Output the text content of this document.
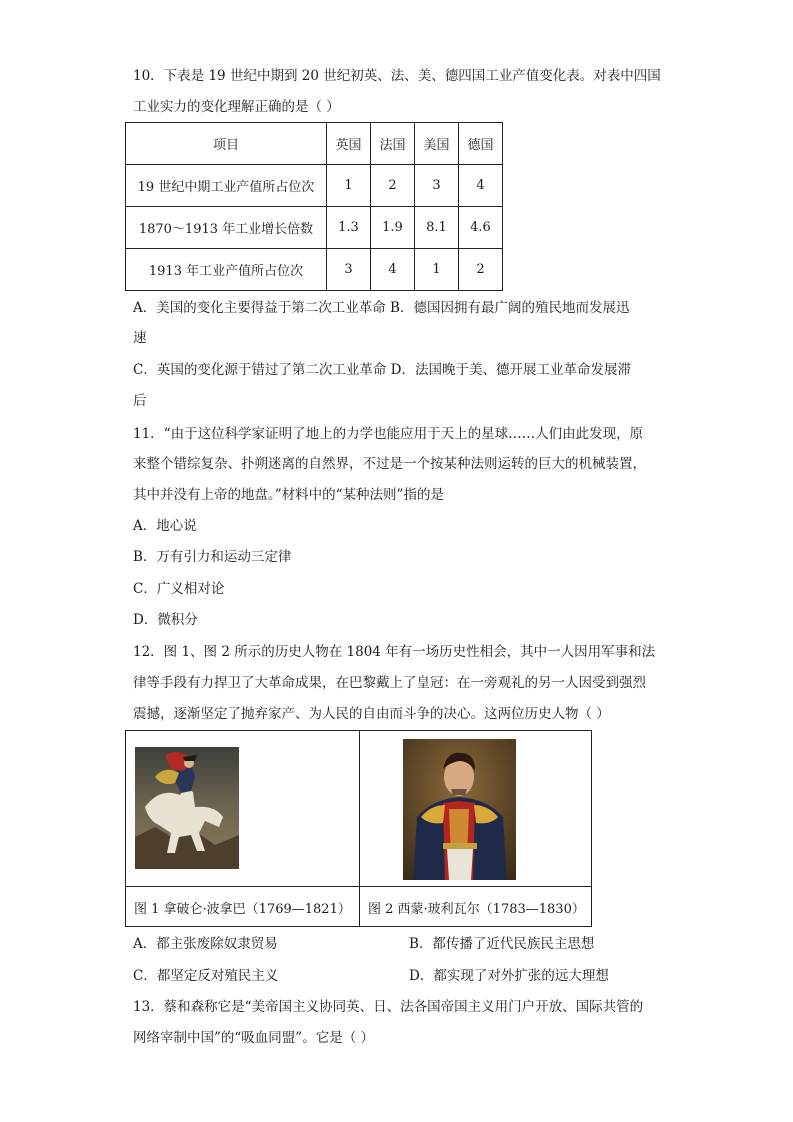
10．下表是 19 世纪中期到 20 世纪初英、法、美、德四国工业产值变化表。对表中四国
工业实力的变化理解正确的是（ ）
项目	英国	法国	美国	德国
19 世纪中期工业产值所占位次	1	2	3	4
1870～1913 年工业增长倍数	1.3	1.9	8.1	4.6
1913 年工业产值所占位次	3	4	1	2
A．美国的变化主要得益于第二次工业革命 B．德国因拥有最广阔的殖民地而发展迅
速
C．英国的变化源于错过了第二次工业革命 D．法国晚于美、德开展工业革命发展滞
后
11．“由于这位科学家证明了地上的力学也能应用于天上的星球……人们由此发现，原
来整个错综复杂、扑朔迷离的自然界，不过是一个按某种法则运转的巨大的机械装置，
其中并没有上帝的地盘。”材料中的“某种法则”指的是
A．地心说
B．万有引力和运动三定律
C．广义相对论
D．微积分
12．图 1、图 2 所示的历史人物在 1804 年有一场历史性相会，其中一人因用军事和法
律等手段有力捍卫了大革命成果，在巴黎戴上了皇冠：在一旁观礼的另一人因受到强烈
震撼，逐渐坚定了抛弃家产、为人民的自由而斗争的决心。这两位历史人物（ ）
图 1 拿破仑·波拿巴（1769—1821） 图 2 西蒙·玻利瓦尔（1783—1830）
A．都主张废除奴隶贸易	B．都传播了近代民族民主思想
C．都坚定反对殖民主义	D．都实现了对外扩张的远大理想
13．蔡和森称它是“美帝国主义协同英、日、法各国帝国主义用门户开放、国际共管的
网络宰制中国”的“吸血同盟”。它是（ ）
